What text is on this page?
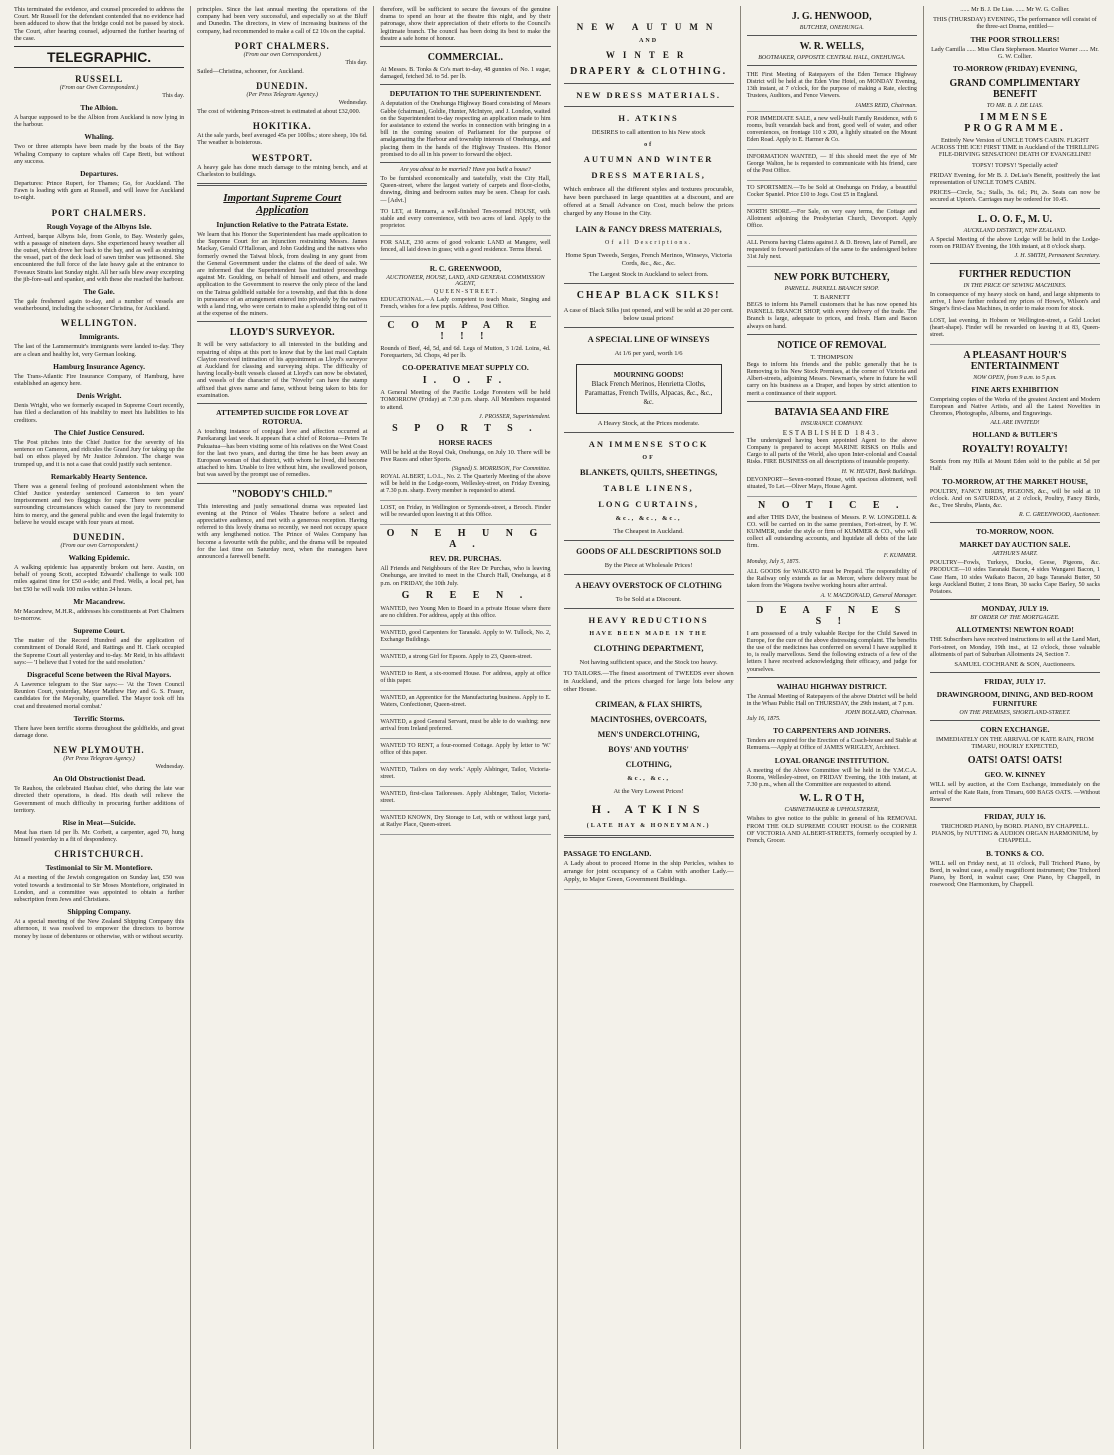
This terminated the evidence, and counsel proceeded to address the Court. Mr Russell for the defendant contended that no evidence had been adduced to show that the bridge could not be passed by stock. The Court, after hearing counsel, adjourned the further hearing of the case.

TELEGRAPHIC.
RUSSELL
(From our Own Correspondent.)
This day.
The Albion.

A barque supposed to be the Albion from Auckland is now lying in the harbour.

Whaling.

Two or three attempts have been made by the boats of the Bay Whaling Company to capture whales off Cape Brett, but without any success.

Departures.

Departures: Prince Rupert, for Thames; Go, for Auckland. The Fawn is loading with gum at Russell, and will leave for Auckland to-night.

PORT CHALMERS.
Rough Voyage of the Albyns Isle.

Arrived, barque Albyns Isle, from Gonle, to Bay. Westerly gales, with a passage of nineteen days. She experienced heavy weather all the outset, which drove her back to the bay, and as well as straining the vessel, part of the deck load of sawn timber was jettisoned. She encountered the full force of the late heavy gale at the entrance to Foveaux Straits last Sunday night. All her sails blew away excepting the jib-fore-sail and spanker, and with these she reached the harbour.

The Gale.

The gale freshened again to-day, and a number of vessels are weatherbound, including the schooner Christina, for Auckland.

WELLINGTON.
Immigrants.

The last of the Lammermuir's immigrants were landed to-day. They are a clean and healthy lot, very German looking.

Hamburg Insurance Agency.

The Trans-Atlantic Fire Insurance Company, of Hamburg, have established an agency here.

Denis Wright.

Denis Wright, who we formerly escaped in Supreme Court recently, has filed a declaration of his inability to meet his liabilities to his creditors.

The Chief Justice Censured.

The Post pitches into the Chief Justice for the severity of his sentence on Cameron, and ridicules the Grand Jury for taking up the bail on ethos played by Mr Justice Johnston. The charge was trumped up, and it is not a case that could justify such sentence.

Remarkably Hearty Sentence.

There was a general feeling of profound astonishment when the Chief Justice yesterday sentenced Cameron to ten years' imprisonment and two floggings for rape. There were peculiar surrounding circumstances which caused the jury to recommend him to mercy, and the general public and even the legal fraternity to believe he would escape with four years at most.

DUNEDIN.
(From our own Correspondent.)
Walking Epidemic.

A walking epidemic has apparently broken out here. Austin, on behalf of young Scott, accepted Edwards' challenge to walk 100 miles against time for £50 a-side; and Fred. Wells, a local pet, has bet £50 he will walk 100 miles within 24 hours.

Mr Macandrew.

Mr Macandrew, M.H.R., addresses his constituents at Port Chalmers to-morrow.

Supreme Court.

The matter of the Record Hundred and the application of commitment of Donald Reid, and Rattings and H. Clark occupied the Supreme Court all yesterday and to-day. Mr Reid, in his affidavit says:— 'I believe that I voted for the said resolution.'

Disgraceful Scene between the Rival Mayors.

A Lawrence telegram to the Star says:— 'At the Town Council Reunion Court, yesterday, Mayor Matthew Hay and G. S. Fraser, candidates for the Mayoralty, quarrelled. The Mayor took off his coat and threatened mortal combat.'

Terrific Storms.

There have been terrific storms throughout the goldfields, and great damage done.

NEW PLYMOUTH.
(Per Press Telegram Agency.)
Wednesday.
An Old Obstructionist Dead.

Te Rauhou, the celebrated Hauhau chief, who during the late war directed their operations, is dead. His death will relieve the Government of much difficulty in procuring further additions of territory.

Rise in Meat—Suicide.

Meat has risen 1d per lb. Mr. Corbett, a carpenter, aged 70, hung himself yesterday in a fit of despondency.

CHRISTCHURCH.
Testimonial to Sir M. Montefiore.

At a meeting of the Jewish congregation on Sunday last, £50 was voted towards a testimonial to Sir Moses Montefiore, originated in London, and a committee was appointed to obtain a further subscription from Jews and Christians.

Shipping Company.

At a special meeting of the New Zealand Shipping Company this afternoon, it was resolved to empower the directors to borrow money by issue of debentures or otherwise, with or without security.

principles. Since the last annual meeting the operations of the company had been very successful, and especially so at the Bluff and Dunedin. The directors, in view of increasing business of the company, had recommended to make a call of £2 10s on the capital.

PORT CHALMERS.
(From our own Correspondent.)
This day.

Sailed—Christina, schooner, for Auckland.

DUNEDIN.
(Per Press Telegram Agency.)
Wednesday.

The cost of widening Princes-street is estimated at about £32,000.

HOKITIKA.

At the sale yards, beef averaged 45s per 100lbs.; store sheep, 10s 6d. The weather is boisterous.

WESTPORT.

A heavy gale has done much damage to the mining bench, and at Charleston to buildings.

Important Supreme Court Application
Injunction Relative to the Patrata Estate.

We learn that his Honor the Superintendent has made application to the Supreme Court for an injunction restraining Messrs. James Mackay, Gerald O'Halloran, and John Gudding and the natives who formerly owned the Taiwai block, from dealing in any grant from the General Government under the claims of the deed of sale. We are informed that the Superintendent has instituted proceedings against Mr. Goulding, on behalf of himself and others, and made application to the Government to reserve the only piece of the land on the Tairua goldfield suitable for a township, and that this is done in pursuance of an arrangement entered into privately by the natives with a land ring, who were certain to make a splendid thing out of it at the expense of the miners.

LLOYD'S SURVEYOR.

It will be very satisfactory to all interested in the building and repairing of ships at this port to know that by the last mail Captain Clayton received intimation of his appointment as Lloyd's surveyor at Auckland for classing and surveying ships. The difficulty of having locally-built vessels classed at Lloyd's can now be obviated, and vessels of the character of the 'Novelty' can have the stamp affixed that gives name and fame, without being taken to bits for examination.

ATTEMPTED SUICIDE FOR LOVE AT ROTORUA.

A touching instance of conjugal love and affection occurred at Parekarangi last week. It appears that a chief of Rotorua—Peters Te Pukuatua—has been visiting some of his relatives on the West Coast for the last two years, and during the time he has been away an European woman of that district, with whom he lived, did become attached to him. Unable to live without him, she swallowed poison, but was saved by the prompt use of remedies.

"NOBODY'S CHILD."

This interesting and justly sensational drama was repeated last evening at the Prince of Wales Theatre before a select and appreciative audience, and met with a generous reception. Having referred to this lovely drama so recently, we need not occupy space with any lengthened notice. The Prince of Wales Company has become a favourite with the public, and the drama will be repeated for the last time on Saturday next, when the managers have announced a farewell benefit.

therefore, will be sufficient to secure the favours of the genuine drama to spend an hour at the theatre this night, and by their patronage, show their appreciation of their efforts to the Council's legitimate branch. The council has been doing its best to make the theatre a safe home of honour.

COMMERCIAL.

At Messrs. B. Tonks & Co's mart to-day, 48 gunnies of No. 1 sugar, damaged, fetched 3d. to 5d. per lb.

DEPUTATION TO THE SUPERINTENDENT.

A deputation of the Onehunga Highway Board consisting of Messrs Gabbe (chairman), Goldie, Hunter, McIntyre, and J. London, waited on the Superintendent to-day respecting an application made to him for assistance to extend the works in connection with bringing in a bill in the coming session of Parliament for the purpose of amalgamating the Harbour and township interests of Onehunga, and placing them in the hands of the Highway Trustees. His Honor promised to do all in his power to forward the object.

Are you about to be married? Have you built a house?

To be furnished economically and tastefully, visit the City Hall, Queen-street, where the largest variety of carpets and floor-cloths, drawing, dining and bedroom suites may be seen. Cheap for cash. — [Advt.]

TO LET, at Remuera, a well-finished Ten-roomed HOUSE, with stable and every convenience, with two acres of land. Apply to the proprietor.

FOR SALE, 230 acres of good volcanic LAND at Mangere, well fenced, all laid down in grass; with a good residence. Terms liberal.

R. C. GREENWOOD,
AUCTIONEER, HOUSE, LAND, AND GENERAL COMMISSION AGENT,
Q U E E N - S T R E E T .

EDUCATIONAL.—A Lady competent to teach Music, Singing and French, wishes for a few pupils. Address, Post Office.

C O M P A R E ! ! !

Rounds of Beef, 4d, 5d, and 6d. Legs of Mutton, 3 1/2d. Loins, 4d. Forequarters, 3d. Chops, 4d per lb.

CO-OPERATIVE MEAT SUPPLY CO.
I. O. F.

A General Meeting of the Pacific Lodge Foresters will be held TOMORROW (Friday) at 7.30 p.m. sharp. All Members requested to attend.

J. PROSSER, Superintendent.
S P O R T S .
HORSE RACES

Will be held at the Royal Oak, Onehunga, on July 10. There will be Five Races and other Sports.

(Signed) S. MORRISON, For Committee.

ROYAL ALBERT, L.O.L., No. 2. The Quarterly Meeting of the above will be held in the Lodge-room, Wellesley-street, on Friday Evening, at 7.30 p.m. sharp. Every member is requested to attend.

LOST, on Friday, in Wellington or Symonds-street, a Brooch. Finder will be rewarded upon leaving it at this Office.

O N E H U N G A .
REV. DR. PURCHAS.

All Friends and Neighbours of the Rev Dr Purchas, who is leaving Onehunga, are invited to meet in the Church Hall, Onehunga, at 8 p.m. on FRIDAY, the 10th July.

G R E E N .

WANTED, two Young Men to Board in a private House where there are no children. For address, apply at this office.

WANTED, good Carpenters for Taranaki. Apply to W. Tullock, No. 2, Exchange Buildings.

WANTED, a strong Girl for Epsom. Apply to 23, Queen-street.

WANTED to Rent, a six-roomed House. For address, apply at office of this paper.

WANTED, an Apprentice for the Manufacturing business. Apply to E. Waters, Confectioner, Queen-street.

WANTED, a good General Servant, must be able to do washing; new arrival from Ireland preferred.

WANTED TO RENT, a four-roomed Cottage. Apply by letter to 'W.' office of this paper.

WANTED, 'Tailors on day work.' Apply Alsbinger, Tailor, Victoria-street.

WANTED, first-class Tailoresses. Apply Alsbinger, Tailor, Victoria-street.

WANTED KNOWN, Dry Storage to Let, with or without large yard, at Ratlye Place, Queen-street.

NEW AUTUMN
AND
WINTER
DRAPERY & CLOTHING.
NEW DRESS MATERIALS.
H. ATKINS
DESIRES to call attention to his New stock
of
AUTUMN AND WINTER
DRESS MATERIALS,

Which embrace all the different styles and textures procurable, have been purchased in large quantities at a discount, and are offered at a Small Advance on Cost, much below the prices charged by any House in the City.

LAIN & FANCY DRESS MATERIALS,
Of all Descriptions.

Home Spun Tweeds, Serges, French Merinos, Winseys, Victoria Cords, &c., &c., &c.

The Largest Stock in Auckland to select from.

CHEAP BLACK SILKS!

A case of Black Silks just opened, and will be sold at 20 per cent. below usual prices!

A SPECIAL LINE OF WINSEYS

At 1/6 per yard, worth 1/6

MOURNING GOODS!
Black French Merinos, Henrietta Cloths, Paramattas, French Twills, Alpacas, &c., &c., &c.

A Heavy Stock, at the Prices moderate.

AN IMMENSE STOCK
OF
BLANKETS, QUILTS, SHEETINGS,
TABLE LINENS,
LONG CURTAINS,
&c., &c., &c.,

The Cheapest in Auckland.

GOODS OF ALL DESCRIPTIONS SOLD

By the Piece at Wholesale Prices!

A HEAVY OVERSTOCK OF CLOTHING

To be Sold at a Discount.

HEAVY REDUCTIONS
HAVE BEEN MADE IN THE
CLOTHING DEPARTMENT,

Not having sufficient space, and the Stock too heavy.

TO TAILORS.—The finest assortment of TWEEDS ever shown in Auckland, and the prices charged for large lots below any other House.

CRIMEAN, & FLAX SHIRTS,
MACINTOSHES, OVERCOATS,
MEN'S UNDERCLOTHING,
BOYS' AND YOUTHS'
CLOTHING,
&c., &c.,

At the Very Lowest Prices!

H. ATKINS
(LATE HAY & HONEYMAN.)
PASSAGE TO ENGLAND.

A Lady about to proceed Home in the ship Pericles, wishes to arrange for joint occupancy of a Cabin with another Lady.—Apply, to Major Green, Government Buildings.

J. G. HENWOOD,
BUTCHER, ONEHUNGA.
W. R. WELLS,
BOOTMAKER, OPPOSITE CENTRAL HALL, ONEHUNGA.

THE First Meeting of Ratepayers of the Eden Terrace Highway District will be held at the Eden Vine Hotel, on MONDAY Evening, 13th instant, at 7 o'clock, for the purpose of making a Rate, electing Trustees, Auditors, and Fence Viewers.

JAMES REID, Chairman.

FOR IMMEDIATE SALE, a new well-built Family Residence, with 6 rooms, built verandah back and front, good well of water, and other conveniences, on frontage 110 x 200, a lightly situated on the Mount Eden Road. Apply to E. Harmer & Co.

INFORMATION WANTED, — If this should meet the eye of Mr George Walton, he is requested to communicate with his friend, care of the Post Office.

TO SPORTSMEN.—To be Sold at Onehunga on Friday, a beautiful Cocker Spaniel. Price £10 to Jogs. Cost £5 in England.

NORTH SHORE.—For Sale, on very easy terms, the Cottage and Allotment adjoining the Presbyterian Church, Devonport. Apply Office.

ALL Persons having Claims against J. & D. Brown, late of Parnell, are requested to forward particulars of the same to the undersigned before 31st July next.

NEW PORK BUTCHERY,
PARNELL. PARNELL BRANCH SHOP.
T. BARNETT

BEGS to inform his Parnell customers that he has now opened his PARNELL BRANCH SHOP, with every delivery of the trade. The Branch is large, adequate to prices, and fresh. Ham and Bacon always on hand.

NOTICE OF REMOVAL
T. THOMPSON

Begs to inform his friends and the public generally that he is Removing to his New Stock Premises, at the corner of Victoria and Albert-streets, adjoining Messrs. Newman's, where in future he will carry on his business as a Draper, and hopes by strict attention to merit a continuance of their support.

BATAVIA SEA AND FIRE
INSURANCE COMPANY.
ESTABLISHED 1843.

The undersigned having been appointed Agent to the above Company is prepared to accept MARINE RISKS on Hulls and Cargo to all parts of the World, also upon Inter-colonial and Coastal Risks. FIRE BUSINESS on all descriptions of insurable property.

H. W. HEATH, Bank Buildings.

DEVONPORT—Seven-roomed House, with spacious allotment, well situated, To Let.—Oliver Mays, House Agent.

N O T I C E .

and after THIS DAY, the business of Messrs. P. W. LONGDELL & CO. will be carried on in the same premises, Fort-street, by F. W. KUMMER, under the style or firm of KUMMER & CO., who will collect all outstanding accounts, and liquidate all debts of the late firm.

F. KUMMER.
Monday, July 5, 1875.

ALL GOODS for WAIKATO must be Prepaid. The responsibility of the Railway only extends as far as Mercer, where delivery must be taken from the Wagons twelve working hours after arrival.

A. V. MACDONALD, General Manager.
D E A F N E S S !

I am possessed of a truly valuable Recipe for the Child Sawed in Europe, for the cure of the above distressing complaint. The benefits the use of the medicines has conferred on several I have supplied it to, is really marvellous. Send the following extracts of a few of the letters I have received acknowledging their efficacy, and judge for yourselves.

WAIHAU HIGHWAY DISTRICT.

The Annual Meeting of Ratepayers of the above District will be held in the Whau Public Hall on THURSDAY, the 29th instant, at 7 p.m.

JOHN BOLLARD, Chairman.
July 16, 1875.
TO CARPENTERS AND JOINERS.

Tenders are required for the Erection of a Coach-house and Stable at Remuera.—Apply at Office of JAMES WRIGLEY, Architect.

LOYAL ORANGE INSTITUTION.

A meeting of the Above Committee will be held in the Y.M.C.A. Rooms, Wellesley-street, on FRIDAY Evening, the 10th instant, at 7.30 p.m., when all the Committee are requested to attend.

W. L. R O T H,
CABINETMAKER & UPHOLSTERER,

Wishes to give notice to the public in general of his REMOVAL FROM THE OLD SUPREME COURT HOUSE to the CORNER OF VICTORIA AND ALBERT-STREETS, formerly occupied by J. French, Grocer.

...... Mr B. J. De Lias. ...... Mr W. G. Collier.

THIS (THURSDAY) EVENING, The performance will consist of the three-act Drama, entitled—

THE POOR STROLLERS!

Lady Camilla ...... Miss Clara Stephenson. Maurice Warner ...... Mr. G. W. Collier.

TO-MORROW (FRIDAY) EVENING,
GRAND COMPLIMENTARY BENEFIT
TO MR. B. J. DE LIAS.
IMMENSE PROGRAMME.

Entirely New Version of UNCLE TOM'S CABIN. FLIGHT ACROSS THE ICE! FIRST TIME in Auckland of the THRILLING FILE-DRIVING SENSATION! DEATH OF EVANGELINE!

TOPSY! TOPSY! 'Specially acted'

FRIDAY Evening, for Mr B. J. DeLias's Benefit, positively the last representation of UNCLE TOM'S CABIN.

PRICES—Circle, 5s.; Stalls, 3s. 6d.; Pit, 2s. Seats can now be secured at Upton's. Carriages may be ordered for 10.45.

L. O. O. F., M. U.
AUCKLAND DISTRICT, NEW ZEALAND.

A Special Meeting of the above Lodge will be held in the Lodge-room on FRIDAY Evening, the 10th instant, at 8 o'clock sharp.

J. H. SMITH, Permanent Secretary.
FURTHER REDUCTION
IN THE PRICE OF SEWING MACHINES.

In consequence of my heavy stock on hand, and large shipments to arrive, I have further reduced my prices of Howe's, Wilson's and Singer's first-class Machines, in order to make room for stock.

LOST, last evening, in Hobson or Wellington-street, a Gold Locket (heart-shape). Finder will be rewarded on leaving it at 83, Queen-street.

A PLEASANT HOUR'S ENTERTAINMENT
NOW OPEN, from 9 a.m. to 5 p.m.
FINE ARTS EXHIBITION

Comprising copies of the Works of the greatest Ancient and Modern European and Native Artists, and all the Latest Novelties in Chromos, Photographs, Albums, and Engravings.

ALL ARE INVITED!
HOLLAND & BUTLER'S
ROYALTY! ROYALTY!

Scents from my Hills at Mount Eden sold to the public at 5d per Half.

TO-MORROW, AT THE MARKET HOUSE,

POULTRY, FANCY BIRDS, PIGEONS, &c., will be sold at 10 o'clock. And on SATURDAY, at 2 o'clock, Poultry, Fancy Birds, &c., Tree Shrubs, Plants, &c.

R. C. GREENWOOD, Auctioneer.
TO-MORROW, NOON.
MARKET DAY AUCTION SALE.
ARTHUR'S MART.

POULTRY—Fowls, Turkeys, Ducks, Geese, Pigeons, &c. PRODUCE—10 sides Taranaki Bacon, 4 sides Wangarei Bacon, 1 Case Ham, 10 sides Waikato Bacon, 20 bags Taranaki Butter, 50 kegs Auckland Butter, 2 tons Bran, 30 sacks Cape Barley, 50 sacks Potatoes.

MONDAY, JULY 19.
BY ORDER OF THE MORTGAGEE.
ALLOTMENTS! NEWTON ROAD!

THE Subscribers have received instructions to sell at the Land Mart, Fort-street, on Monday, 19th inst., at 12 o'clock, those valuable allotments of part of Suburban Allotments 24, Section 7.

SAMUEL COCHRANE & SON, Auctioneers.
FRIDAY, JULY 17.
DRAWINGROOM, DINING, AND BED-ROOM FURNITURE
ON THE PREMISES, SHORTLAND-STREET.
CORN EXCHANGE.

IMMEDIATELY ON THE ARRIVAL OF KATE RAIN, FROM TIMARU, HOURLY EXPECTED,

OATS! OATS! OATS!
GEO. W. KINNEY

WILL sell by auction, at the Corn Exchange, immediately on the arrival of the Kate Rain, from Timaru, 600 BAGS OATS. —Without Reserve!

FRIDAY, JULY 16.

TRICHORD PIANO, by BORD. PIANO, BY CHAPPELL. PIANOS, by NUTTING & AUDION ORGAN HARMONIUM, by CHAPPELL.

B. TONKS & CO.

WILL sell on Friday next, at 11 o'clock, Full Trichord Piano, by Bord, in walnut case, a really magnificent instrument; One Trichord Piano, by Bord, in walnut case; One Piano, by Chappell, in rosewood; One Harmonium, by Chappell.
